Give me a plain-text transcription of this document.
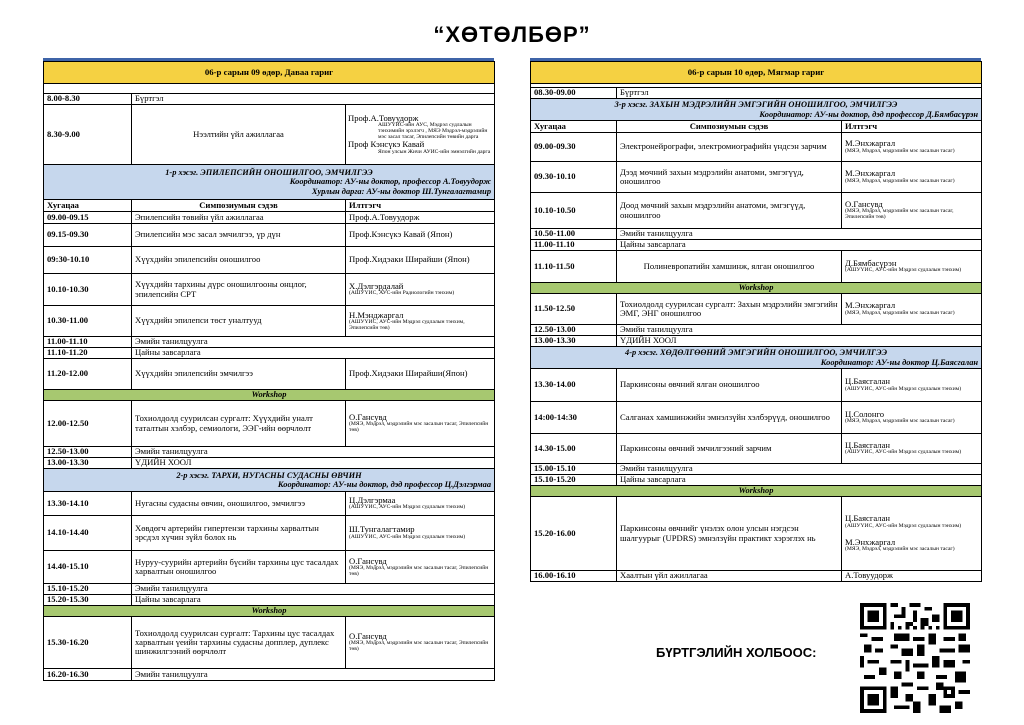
“ХӨТӨЛБӨР”
06-р сарын 09 өдөр, Даваа гариг		

8.00-8.30	Бүртгэл	
8.30-9.00	Нээлтийн үйл ажиллагаа	Проф.А.Товуудорж
АШУҮИС-ийн АУС, Мэдрэл судлалын тэнхимийн эрхлэгч , МЯЭ Мэдрэл-мэдрэлийн мэс засал тасаг, Эпилепсийн төвийн дарга
Проф Кэнсүкэ Кавай
Япон улсын Жичи АУИС-ийн эмнэлгийн дарга

1-р хэсэг. ЭПИЛЕПСИЙН ОНОШИЛГОО, ЭМЧИЛГЭЭ
Координатор: АУ-ны доктор, профессор А.Товуудорж
Хурлын дарга: АУ-ны доктор Ш.Тунгалагтамир		

Хугацаа	Симпозиумын сэдэв	Илтгэгч
09.00-09.15	Эпилепсийн төвийн үйл ажиллагаа	Проф.А.Товуудорж
09.15-09.30	Эпилепсийн мэс засал эмчилгээ, үр дүн	Проф.Кэнсүкэ Кавай (Япон)
09:30-10.10	Хүүхдийн эпилепсийн оношилгоо	Проф.Хидэаки Ширайши (Япон)
10.10-10.30	Хүүхдийн тархины дүрс оношилгооны онцлог, эпилепсийн СРТ	Х.Дэлгэрдалай
(АШУҮИС, АУС-ийн Радиологийн тэнхим)

10.30-11.00	Хүүхдийн эпилепси төст уналтууд	Н.Мэнджаргал
(АШУҮИС, АУС-ийн Мэдрэл судлалын тэнхим, Эпилепсийн төв)

11.00-11.10	Эмийн танилцуулга	
11.10-11.20	Цайны завсарлага	
11.20-12.00	Хүүхдийн эпилепсийн эмчилгээ	Проф.Хидэаки Ширайши(Япон)
Workshop		
12.00-12.50	Тохиолдолд суурилсан сургалт: Хүүхдийн уналт таталтын хэлбэр, семиологи, ЭЭГ-ийн өөрчлөлт	О.Гансувд
(МЯЭ, Мэдрэл, мэдрэлийн мэс засалын тасаг, Эпилепсийн төв)

12.50-13.00	Эмийн танилцуулга	
13.00-13.30	ҮДИЙН ХООЛ	

2-р хэсэг. ТАРХИ, НУГАСНЫ СУДАСНЫ ӨВЧИН
Координатор: АУ-ны доктор, дэд профессор Ц.Дэлгэрмаа		

13.30-14.10	Нугасны судасны өвчин, оношилгоо, эмчилгээ	Ц.Дэлгэрмаа
(АШУҮИС, АУС-ийн Мэдрэл судлалын тэнхим)

14.10-14.40	Хөвдөгч артерийн гипертензи тархины харвалтын эрсдэл хүчин зүйл болох нь	Ш.Тунгалагтамир
(АШУҮИС, АУС-ийн Мэдрэл судлалын тэнхим)

14.40-15.10	Нуруу-суурийн артерийн бүсийн тархины цус тасалдах харвалтын оношилгоо	О.Гансувд
(МЯЭ, Мэдрэл, мэдрэлийн мэс засалын тасаг, Эпилепсийн төв)

15.10-15.20	Эмийн танилцуулга	
15.20-15.30	Цайны завсарлага	
Workshop		
15.30-16.20	Тохиолдолд суурилсан сургалт: Тархины цус тасалдах харвалтын үеийн тархины судасны допплер, дуплекс шинжилгээний өөрчлөлт	О.Гансувд
(МЯЭ, Мэдрэл, мэдрэлийн мэс засалын тасаг, Эпилепсийн төв)

16.20-16.30	Эмийн танилцуулга	
06-р сарын 10 өдөр, Мягмар гариг		

08.30-09.00	Бүртгэл	

3-р хэсэг. ЗАХЫН МЭДРЭЛИЙН ЭМГЭГИЙН ОНОШИЛГОО, ЭМЧИЛГЭЭ
Координатор: АУ-ны доктор, дэд профессор Д.Бямбасүрэн		

Хугацаа	Симпозиумын сэдэв	Илтгэгч
09.00-09.30	Электронейрографи, электромиографийн үндсэн зарчим	М.Энхжаргал
(МЯЭ, Мэдрэл, мэдрэлийн мэс засалын тасаг)

09.30-10.10	Дээд мөчний захын мэдрэлийн анатоми, эмгэгүүд, оношилгоо	М.Энхжаргал
(МЯЭ, Мэдрэл, мэдрэлийн мэс засалын тасаг)

10.10-10.50	Доод мөчний захын мэдрэлийн анатоми, эмгэгүүд, оношилгоо	О.Гансувд
(МЯЭ, Мэдрэл, мэдрэлийн мэс засалын тасаг, Эпилепсийн төв)

10.50-11.00	Эмийн танилцуулга	
11.00-11.10	Цайны завсарлага	
11.10-11.50	Полиневропатийн хамшинж, ялган оношилгоо	Д.Бямбасүрэн
(АШУҮИС, АУС-ийн Мэдрэл судлалын тэнхим)

Workshop		
11.50-12.50	Тохиолдолд суурилсан сургалт: Захын мэдрэлийн эмгэгийн ЭМГ, ЭНГ оношилгоо	М.Энхжаргал
(МЯЭ, Мэдрэл, мэдрэлийн мэс засалын тасаг)

12.50-13.00	Эмийн танилцуулга	
13.00-13.30	ҮДИЙН ХООЛ	

4-р хэсэг. ХӨДӨЛГӨӨНИЙ ЭМГЭГИЙН ОНОШИЛГОО, ЭМЧИЛГЭЭ
Координатор: АУ-ны доктор Ц.Баясгалан		

13.30-14.00	Паркинсоны өвчний ялган оношилгоо	Ц.Баясгалан
(АШУҮИС, АУС-ийн Мэдрэл судлалын тэнхим)

14:00-14:30	Салганах хамшинжийн эмнэлзүйн хэлбэрүүд, оношилгоо	Ц.Солонго
(МЯЭ, Мэдрэл, мэдрэлийн мэс засалын тасаг)

14.30-15.00	Паркинсоны өвчний эмчилгээний зарчим	Ц.Баясгалан
(АШУҮИС, АУС-ийн Мэдрэл судлалын тэнхим)

15.00-15.10	Эмийн танилцуулга	
15.10-15.20	Цайны завсарлага	
Workshop		
15.20-16.00	Паркинсоны өвчнийг үнэлэх олон улсын нэгдсэн шалгуурыг (UPDRS) эмнэлзүйн практикт хэрэглэх нь	Ц.Баясгалан
(АШУҮИС, АУС-ийн Мэдрэл судлалын тэнхим)
М.Энхжаргал
(МЯЭ, Мэдрэл, мэдрэлийн мэс засалын тасаг)

16.00-16.10	Хаалтын үйл ажиллагаа	А.Товуудорж
БҮРТГЭЛИЙН ХОЛБООС:
